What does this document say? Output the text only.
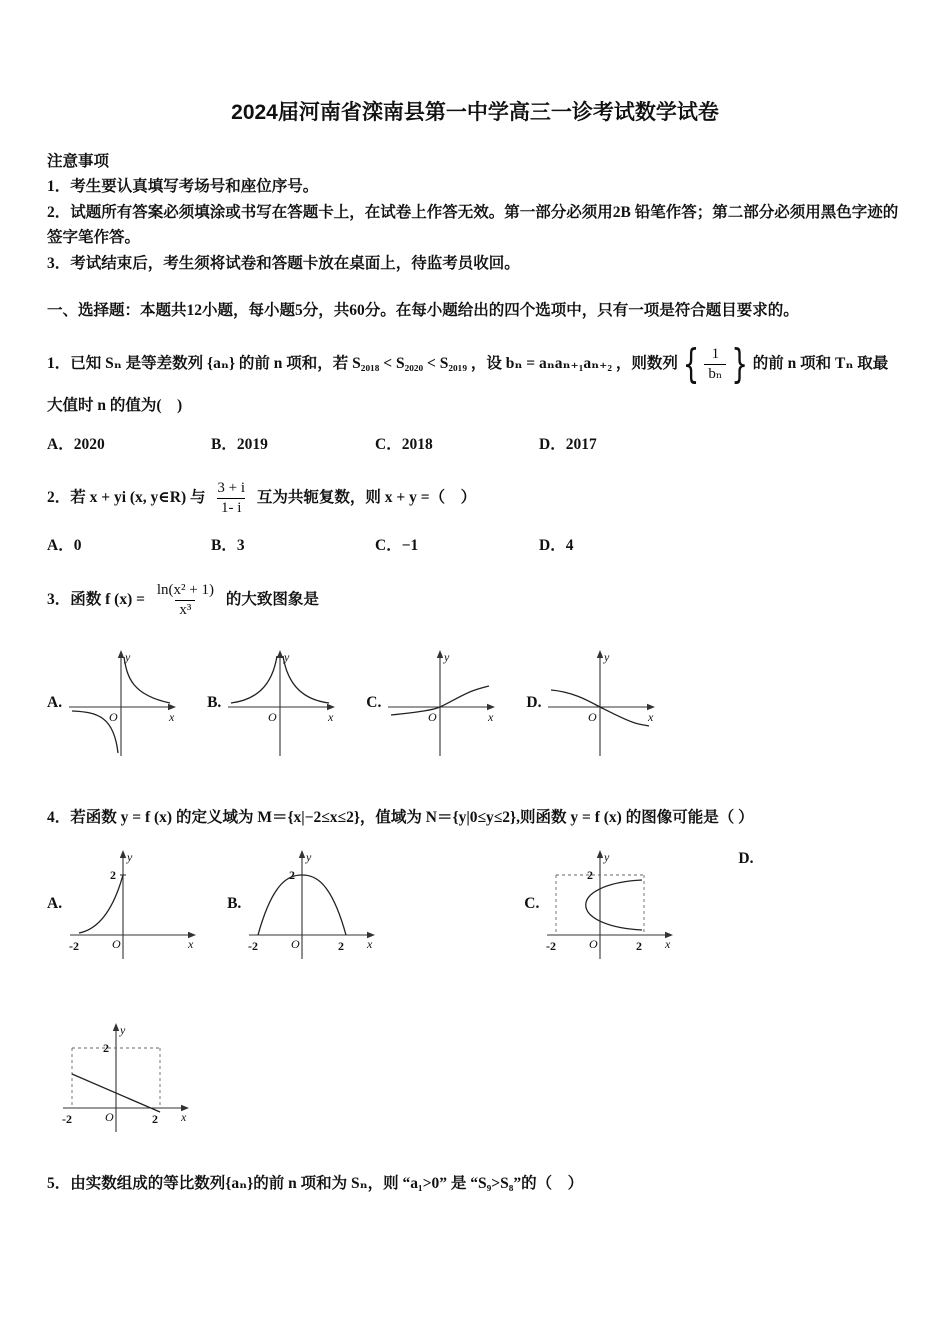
2024届河南省滦南县第一中学高三一诊考试数学试卷
注意事项
1．考生要认真填写考场号和座位序号。
2．试题所有答案必须填涂或书写在答题卡上，在试卷上作答无效。第一部分必须用2B 铅笔作答；第二部分必须用黑色字迹的签字笔作答。
3．考试结束后，考生须将试卷和答题卡放在桌面上，待监考员收回。
一、选择题：本题共12小题，每小题5分，共60分。在每小题给出的四个选项中，只有一项是符合题目要求的。
1．已知 Sₙ 是等差数列 {aₙ} 的前 n 项和，若 S₂₀₁₈ < S₂₀₂₀ < S₂₀₁₉ ，设 bₙ = aₙaₙ₊₁aₙ₊₂ ，则数列 { $\frac{1}{\text{bₙ}}$ } 的前 n 项和 Tₙ 取最
大值时 n 的值为(　)
A．2020	B．2019	C．2018	D．2017
2．若 x + yi (x, y∈R) 与 $\frac{3 + i}{1- i}$ 互为共轭复数，则 x + y =（　）
A．0	B．3	C．−1	D．4
3．函数 f $(x) = \frac{\text{ln(x² + 1)}}{\text{x³}}$ 的大致图象是
A.
y
x
O
B.
y
x
O
C.
y
x
O
D.
y
x
O
4．若函数 y = f (x) 的定义域为 M＝{x|−2≤x≤2}，值域为 N＝{y|0≤y≤2},则函数 y = f (x) 的图像可能是（ ）
A.
y
x
O
2
-2
B.
y
x
O
2
-2	2
C.
y
x
O
2
-2	2
D.
y
x
O
2
-2	2
5．由实数组成的等比数列{aₙ}的前 n 项和为 Sₙ，则 “a₁>0” 是 “S₉>S₈”的（　）
